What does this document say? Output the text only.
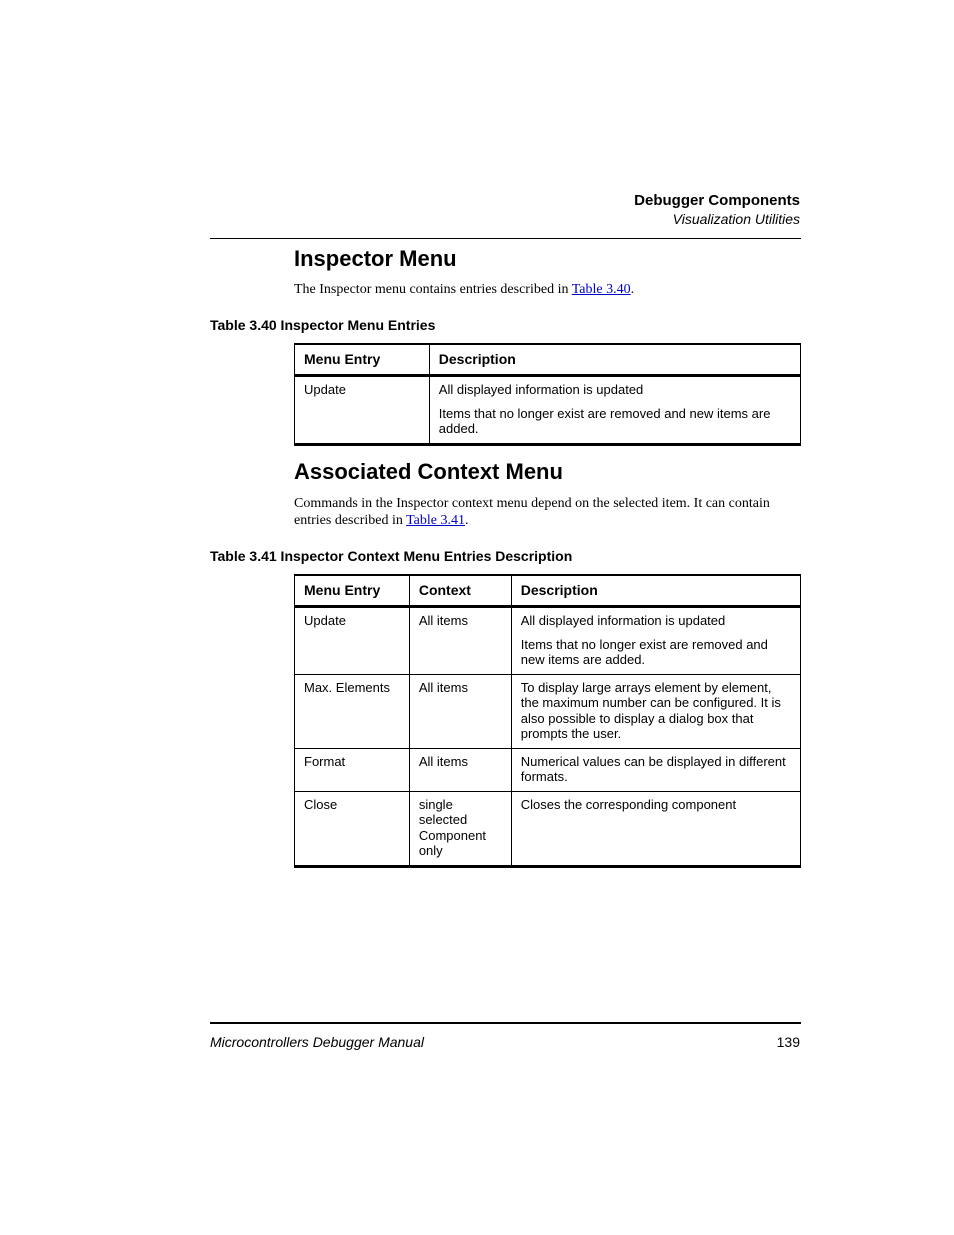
Debugger Components
Visualization Utilities
Inspector Menu
The Inspector menu contains entries described in Table 3.40.
Table 3.40 Inspector Menu Entries
Menu Entry	Description
Update	All displayed information is updated

Items that no longer exist are removed and new items are added.

Associated Context Menu
Commands in the Inspector context menu depend on the selected item. It can contain entries described in Table 3.41.
Table 3.41 Inspector Context Menu Entries Description
Menu Entry	Context	Description
Update	All items	All displayed information is updated

Items that no longer exist are removed and new items are added.

Max. Elements	All items	To display large arrays element by element, the maximum number can be configured. It is also possible to display a dialog box that prompts the user.

Format	All items	Numerical values can be displayed in different formats.

Close	single selected Component only	Closes the corresponding component

Microcontrollers Debugger Manual	139
